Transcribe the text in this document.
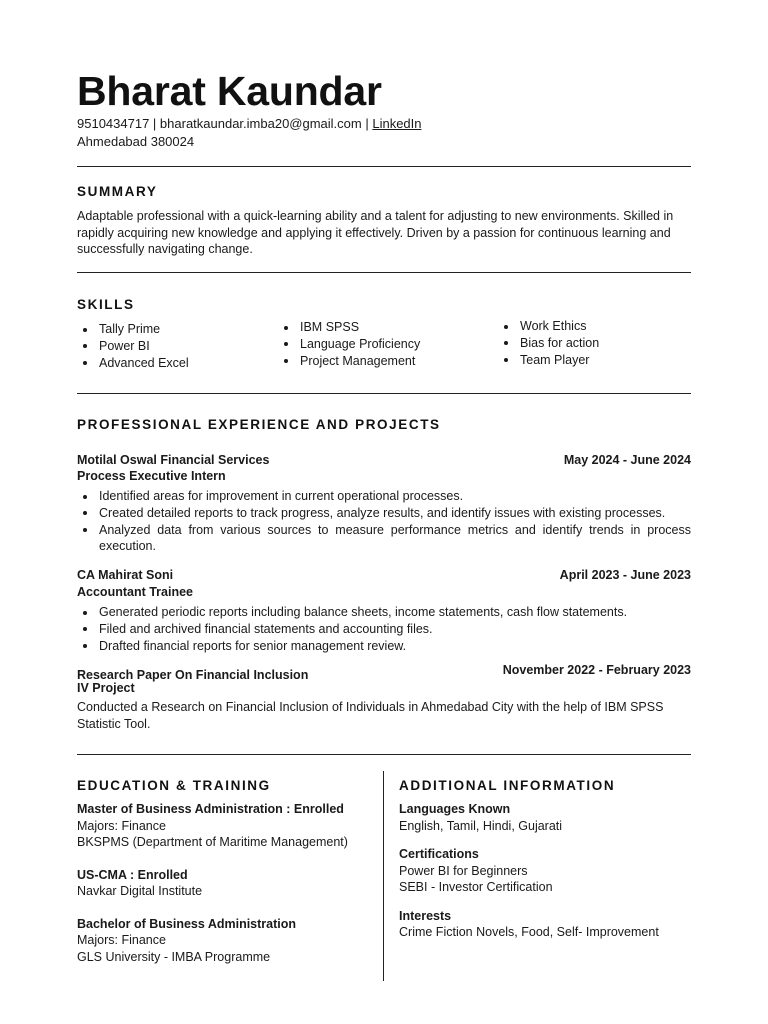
Bharat Kaundar
9510434717 | bharatkaundar.imba20@gmail.com | LinkedIn
Ahmedabad 380024
SUMMARY
Adaptable professional with a quick-learning ability and a talent for adjusting to new environments. Skilled in rapidly acquiring new knowledge and applying it effectively. Driven by a passion for continuous learning and successfully navigating change.
SKILLS
Tally Prime
Power BI
Advanced Excel
IBM SPSS
Language Proficiency
Project Management
Work Ethics
Bias for action
Team Player
PROFESSIONAL EXPERIENCE AND PROJECTS
Motilal Oswal Financial Services	May 2024 - June 2024
Process Executive Intern
Identified areas for improvement in current operational processes.
Created detailed reports to track progress, analyze results, and identify issues with existing processes.
Analyzed data from various sources to measure performance metrics and identify trends in process execution.
CA Mahirat Soni	April 2023 - June 2023
Accountant Trainee
Generated periodic reports including balance sheets, income statements, cash flow statements.
Filed and archived financial statements and accounting files.
Drafted financial reports for senior management review.
Research Paper On Financial Inclusion	November 2022 - February 2023
IV Project
Conducted a Research on Financial Inclusion of Individuals in Ahmedabad City with the help of IBM SPSS Statistic Tool.
EDUCATION & TRAINING
Master of Business Administration : Enrolled
Majors: Finance
BKSPMS (Department of Maritime Management)
US-CMA : Enrolled
Navkar Digital Institute
Bachelor of Business Administration
Majors: Finance
GLS University - IMBA Programme
ADDITIONAL INFORMATION
Languages Known
English, Tamil, Hindi, Gujarati
Certifications
Power BI for Beginners
SEBI - Investor Certification
Interests
Crime Fiction Novels, Food, Self- Improvement
